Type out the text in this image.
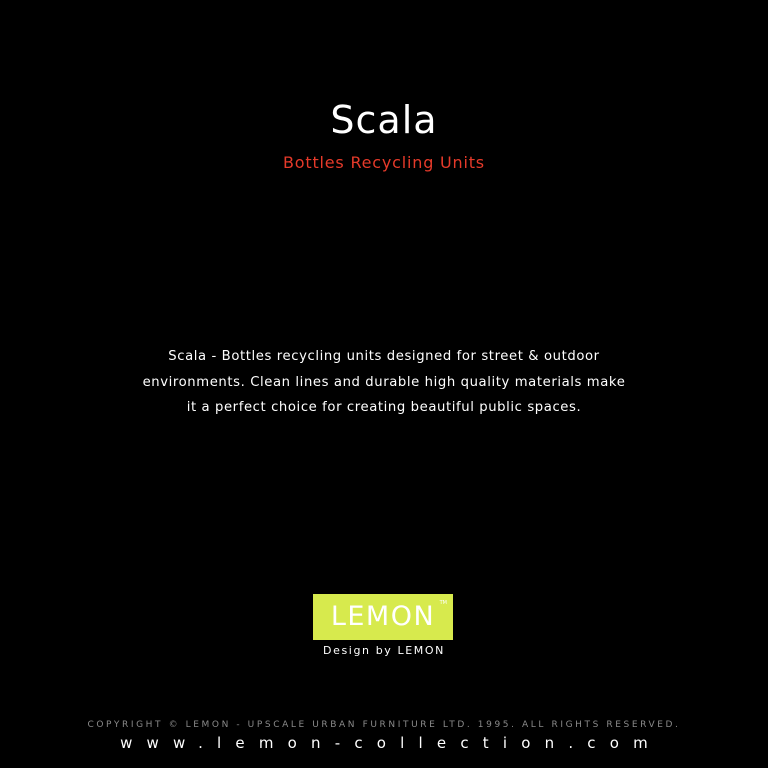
Scala
Bottles Recycling Units
Scala - Bottles recycling units designed for street & outdoor
environments. Clean lines and durable high quality materials make
it a perfect choice for creating beautiful public spaces.
LEMON TM
Design by LEMON
COPYRIGHT © LEMON - UPSCALE URBAN FURNITURE LTD. 1995. ALL RIGHTS RESERVED.
www.lemon-collection.com
